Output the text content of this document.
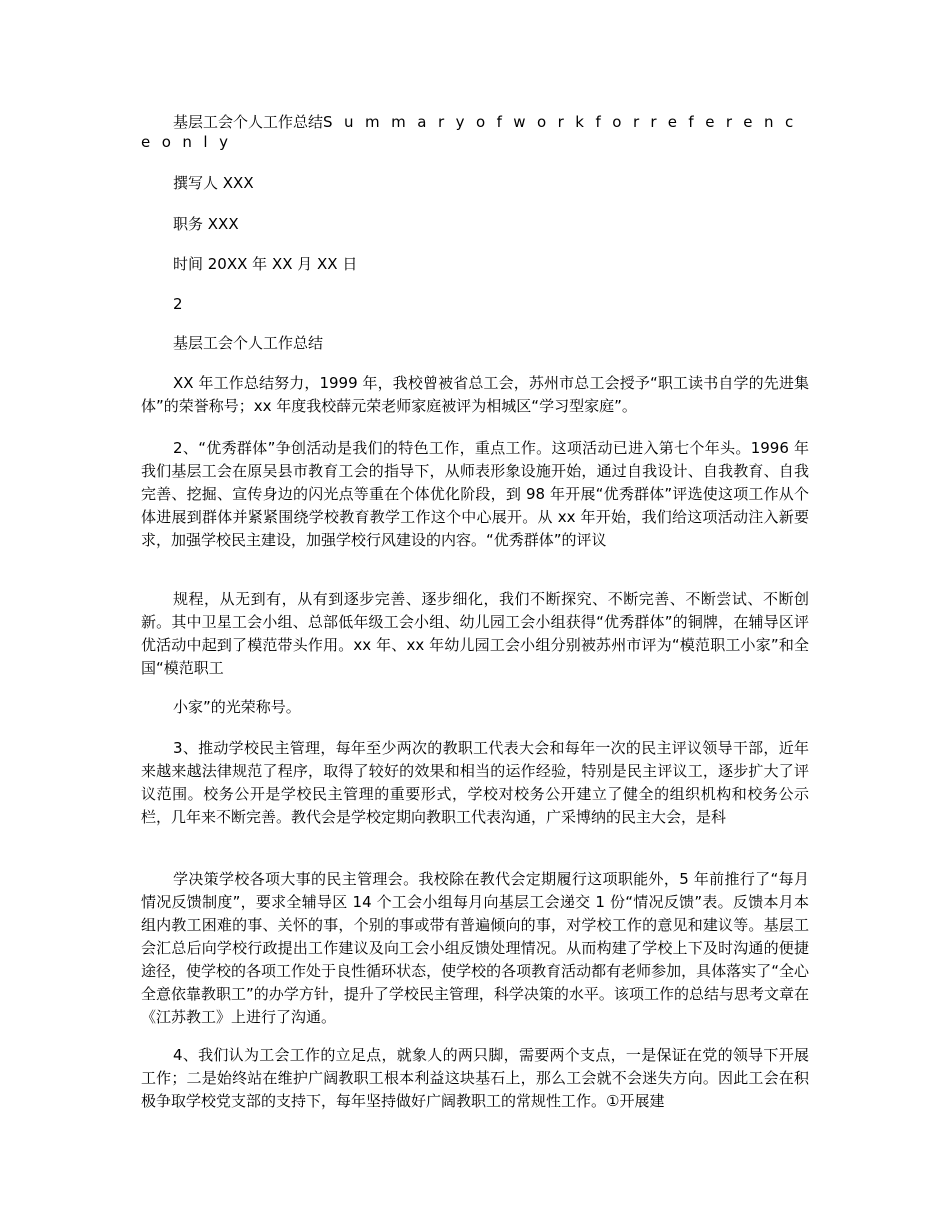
基层工会个人工作总结Summaryofworkforreferenceonly

撰写人 XXX

职务 XXX

时间 20XX 年 XX 月 XX 日

2

基层工会个人工作总结

XX 年工作总结努力，1999 年，我校曾被省总工会，苏州市总工会授予“职工读书自学的先进集体”的荣誉称号；xx 年度我校薛元荣老师家庭被评为相城区“学习型家庭”。

2、“优秀群体”争创活动是我们的特色工作，重点工作。这项活动已进入第七个年头。1996 年我们基层工会在原吴县市教育工会的指导下，从师表形象设施开始，通过自我设计、自我教育、自我完善、挖掘、宣传身边的闪光点等重在个体优化阶段，到 98 年开展“优秀群体”评选使这项工作从个体进展到群体并紧紧围绕学校教育教学工作这个中心展开。从 xx 年开始，我们给这项活动注入新要求，加强学校民主建设，加强学校行风建设的内容。“优秀群体”的评议

规程，从无到有，从有到逐步完善、逐步细化，我们不断探究、不断完善、不断尝试、不断创新。其中卫星工会小组、总部低年级工会小组、幼儿园工会小组获得“优秀群体”的铜牌，在辅导区评优活动中起到了模范带头作用。xx 年、xx 年幼儿园工会小组分别被苏州市评为“模范职工小家”和全国“模范职工

小家”的光荣称号。

3、推动学校民主管理，每年至少两次的教职工代表大会和每年一次的民主评议领导干部，近年来越来越法律规范了程序，取得了较好的效果和相当的运作经验，特别是民主评议工，逐步扩大了评议范围。校务公开是学校民主管理的重要形式，学校对校务公开建立了健全的组织机构和校务公示栏，几年来不断完善。教代会是学校定期向教职工代表沟通，广采博纳的民主大会，是科

学决策学校各项大事的民主管理会。我校除在教代会定期履行这项职能外，5 年前推行了“每月情况反馈制度”，要求全辅导区 14 个工会小组每月向基层工会递交 1 份“情况反馈”表。反馈本月本组内教工困难的事、关怀的事，个别的事或带有普遍倾向的事，对学校工作的意见和建议等。基层工会汇总后向学校行政提出工作建议及向工会小组反馈处理情况。从而构建了学校上下及时沟通的便捷途径，使学校的各项工作处于良性循环状态，使学校的各项教育活动都有老师参加，具体落实了“全心全意依靠教职工”的办学方针，提升了学校民主管理，科学决策的水平。该项工作的总结与思考文章在《江苏教工》上进行了沟通。

4、我们认为工会工作的立足点，就象人的两只脚，需要两个支点，一是保证在党的领导下开展工作；二是始终站在维护广阔教职工根本利益这块基石上，那么工会就不会迷失方向。因此工会在积极争取学校党支部的支持下，每年坚持做好广阔教职工的常规性工作。①开展建
